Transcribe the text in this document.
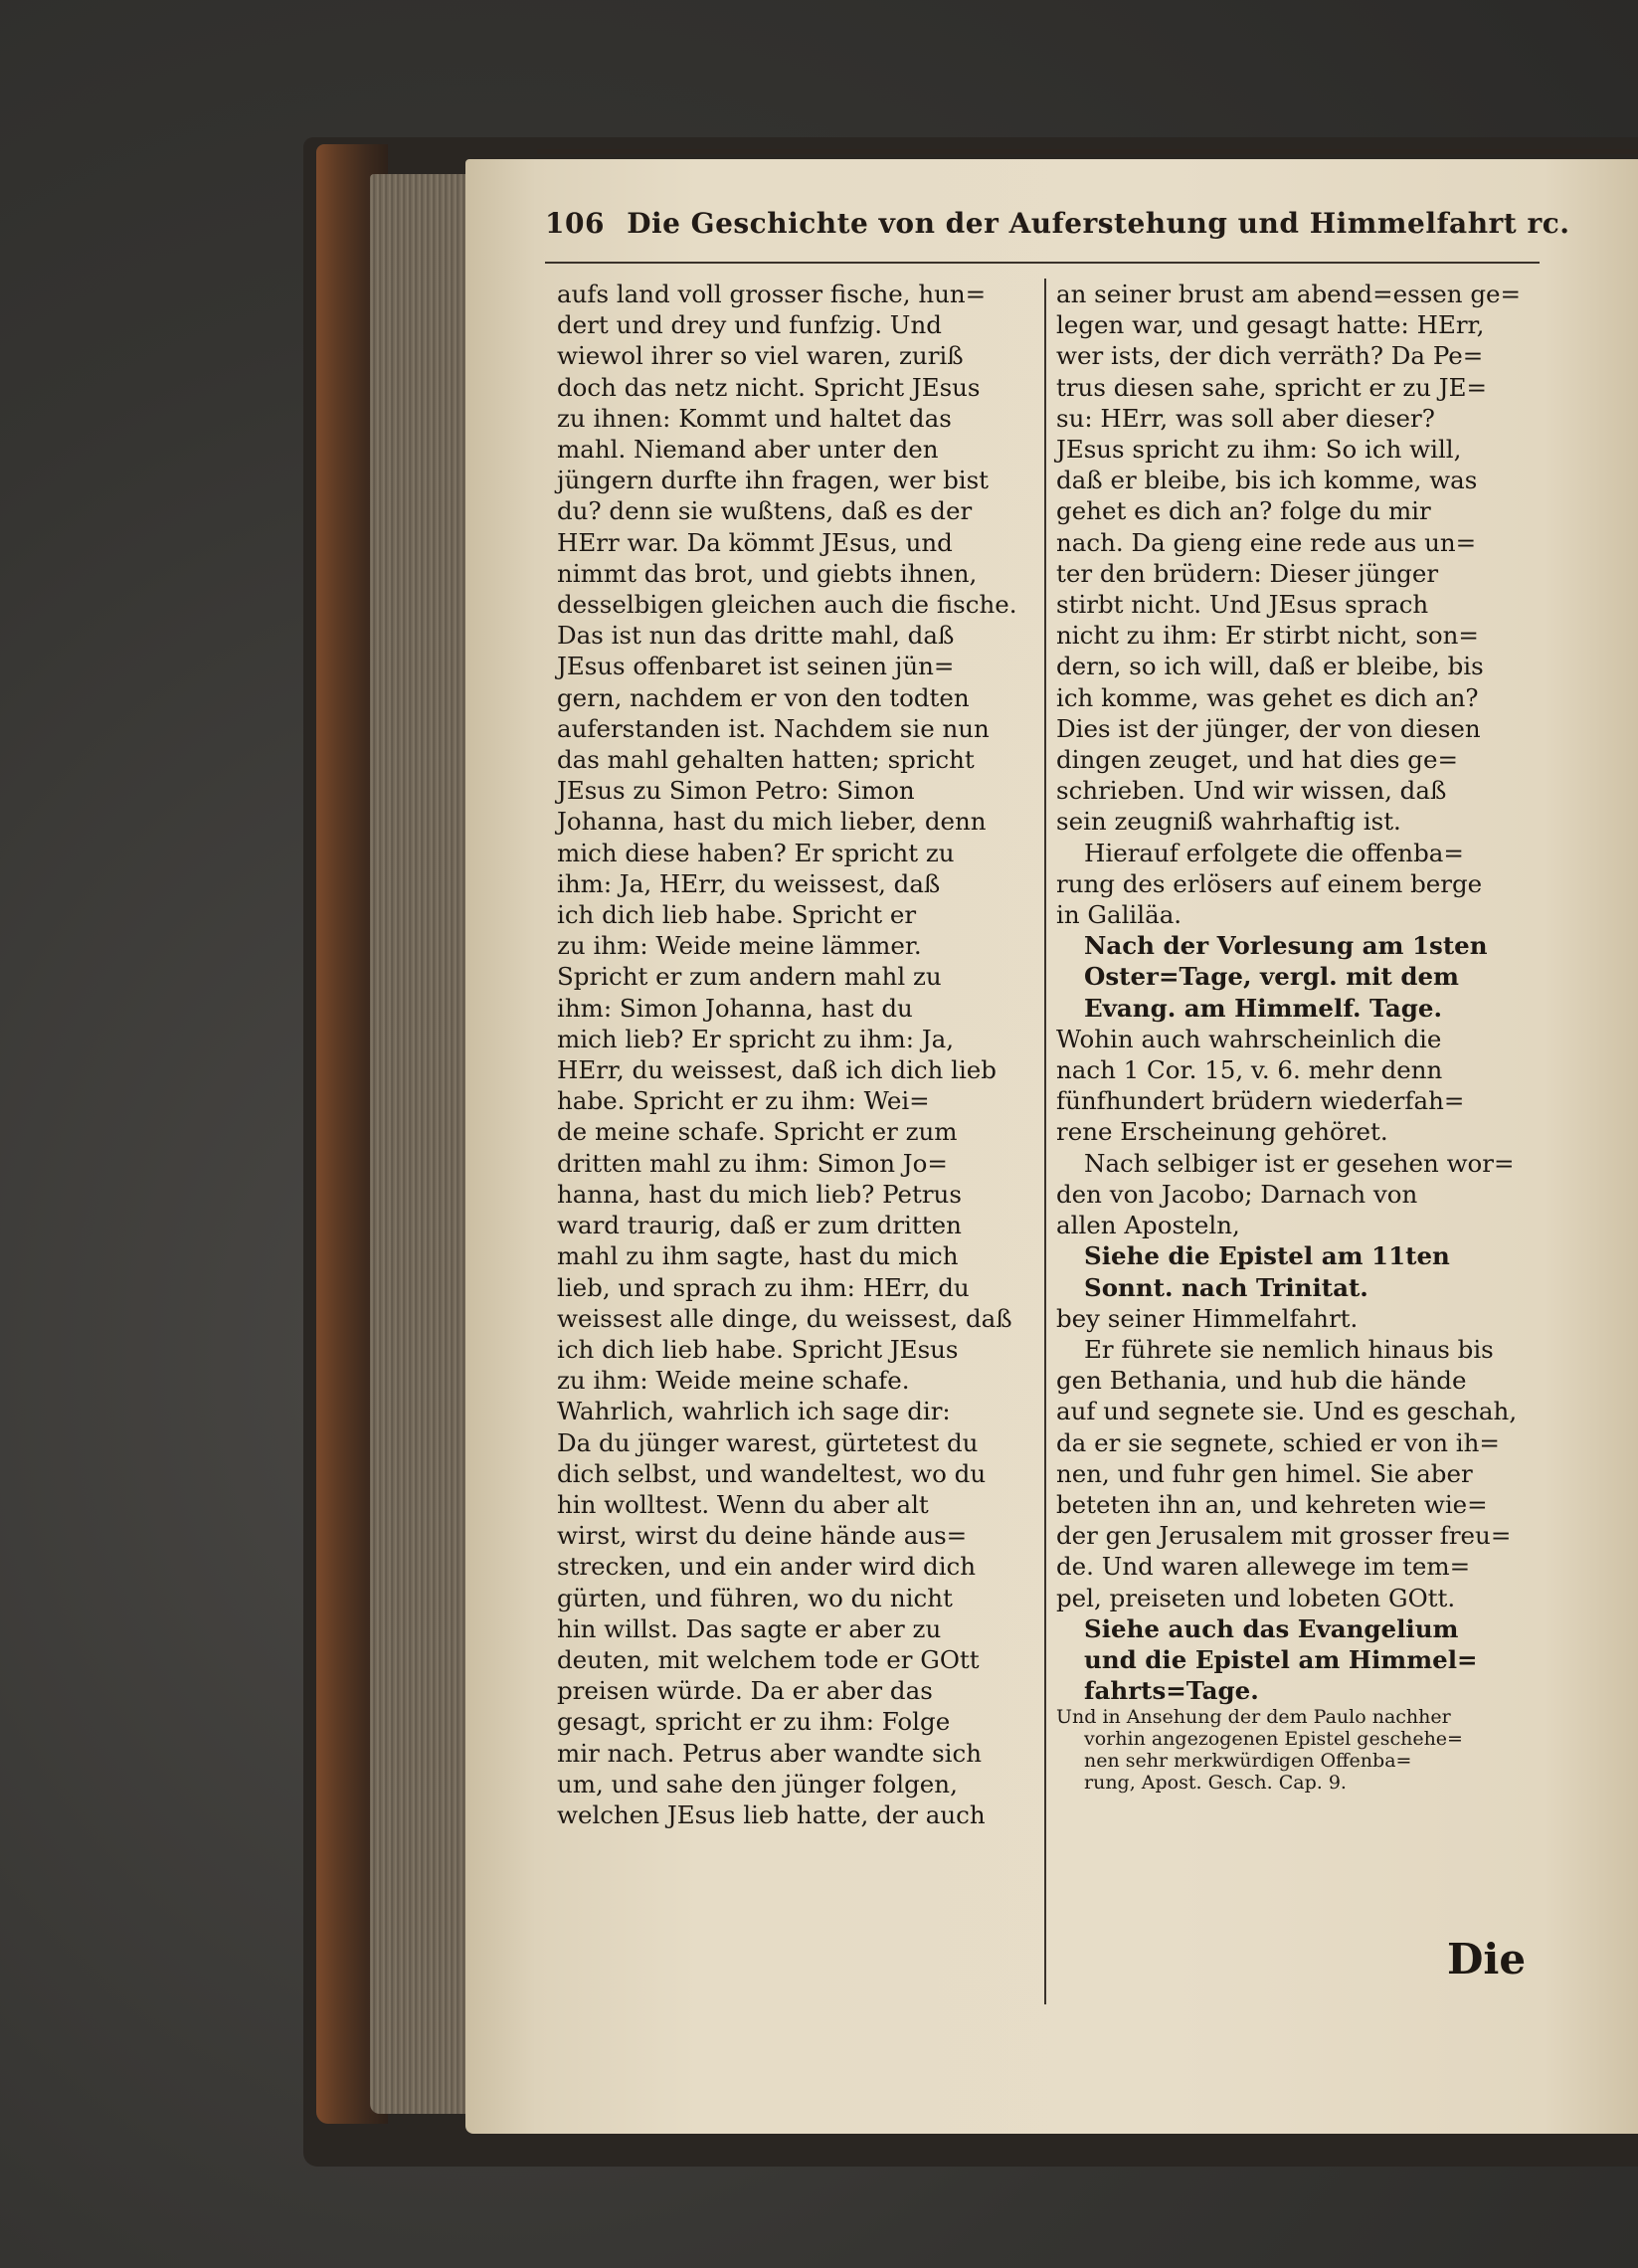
106 Die Geschichte von der Auferstehung und Himmelfahrt rc.

aufs land voll grosser fische, hun=

dert und drey und funfzig. Und

wiewol ihrer so viel waren, zuriß

doch das netz nicht. Spricht JEsus

zu ihnen: Kommt und haltet das

mahl. Niemand aber unter den

jüngern durfte ihn fragen, wer bist

du? denn sie wußtens, daß es der

HErr war. Da kömmt JEsus, und

nimmt das brot, und giebts ihnen,

desselbigen gleichen auch die fische.

Das ist nun das dritte mahl, daß

JEsus offenbaret ist seinen jün=

gern, nachdem er von den todten

auferstanden ist. Nachdem sie nun

das mahl gehalten hatten; spricht

JEsus zu Simon Petro: Simon

Johanna, hast du mich lieber, denn

mich diese haben? Er spricht zu

ihm: Ja, HErr, du weissest, daß

ich dich lieb habe. Spricht er

zu ihm: Weide meine lämmer.

Spricht er zum andern mahl zu

ihm: Simon Johanna, hast du

mich lieb? Er spricht zu ihm: Ja,

HErr, du weissest, daß ich dich lieb

habe. Spricht er zu ihm: Wei=

de meine schafe. Spricht er zum

dritten mahl zu ihm: Simon Jo=

hanna, hast du mich lieb? Petrus

ward traurig, daß er zum dritten

mahl zu ihm sagte, hast du mich

lieb, und sprach zu ihm: HErr, du

weissest alle dinge, du weissest, daß

ich dich lieb habe. Spricht JEsus

zu ihm: Weide meine schafe.

Wahrlich, wahrlich ich sage dir:

Da du jünger warest, gürtetest du

dich selbst, und wandeltest, wo du

hin wolltest. Wenn du aber alt

wirst, wirst du deine hände aus=

strecken, und ein ander wird dich

gürten, und führen, wo du nicht

hin willst. Das sagte er aber zu

deuten, mit welchem tode er GOtt

preisen würde. Da er aber das

gesagt, spricht er zu ihm: Folge

mir nach. Petrus aber wandte sich

um, und sahe den jünger folgen,

welchen JEsus lieb hatte, der auch

an seiner brust am abend=essen ge=

legen war, und gesagt hatte: HErr,

wer ists, der dich verräth? Da Pe=

trus diesen sahe, spricht er zu JE=

su: HErr, was soll aber dieser?

JEsus spricht zu ihm: So ich will,

daß er bleibe, bis ich komme, was

gehet es dich an? folge du mir

nach. Da gieng eine rede aus un=

ter den brüdern: Dieser jünger

stirbt nicht. Und JEsus sprach

nicht zu ihm: Er stirbt nicht, son=

dern, so ich will, daß er bleibe, bis

ich komme, was gehet es dich an?

Dies ist der jünger, der von diesen

dingen zeuget, und hat dies ge=

schrieben. Und wir wissen, daß

sein zeugniß wahrhaftig ist.

Hierauf erfolgete die offenba=

rung des erlösers auf einem berge

in Galiläa.

Nach der Vorlesung am 1sten

Oster=Tage, vergl. mit dem

Evang. am Himmelf. Tage.

Wohin auch wahrscheinlich die

nach 1 Cor. 15, v. 6. mehr denn

fünfhundert brüdern wiederfah=

rene Erscheinung gehöret.

Nach selbiger ist er gesehen wor=

den von Jacobo; Darnach von

allen Aposteln,

Siehe die Epistel am 11ten

Sonnt. nach Trinitat.

bey seiner Himmelfahrt.

Er führete sie nemlich hinaus bis

gen Bethania, und hub die hände

auf und segnete sie. Und es geschah,

da er sie segnete, schied er von ih=

nen, und fuhr gen himel. Sie aber

beteten ihn an, und kehreten wie=

der gen Jerusalem mit grosser freu=

de. Und waren allewege im tem=

pel, preiseten und lobeten GOtt.

Siehe auch das Evangelium

und die Epistel am Himmel=

fahrts=Tage.

Und in Ansehung der dem Paulo nachher

vorhin angezogenen Epistel geschehe=

nen sehr merkwürdigen Offenba=

rung, Apost. Gesch. Cap. 9.

Die
